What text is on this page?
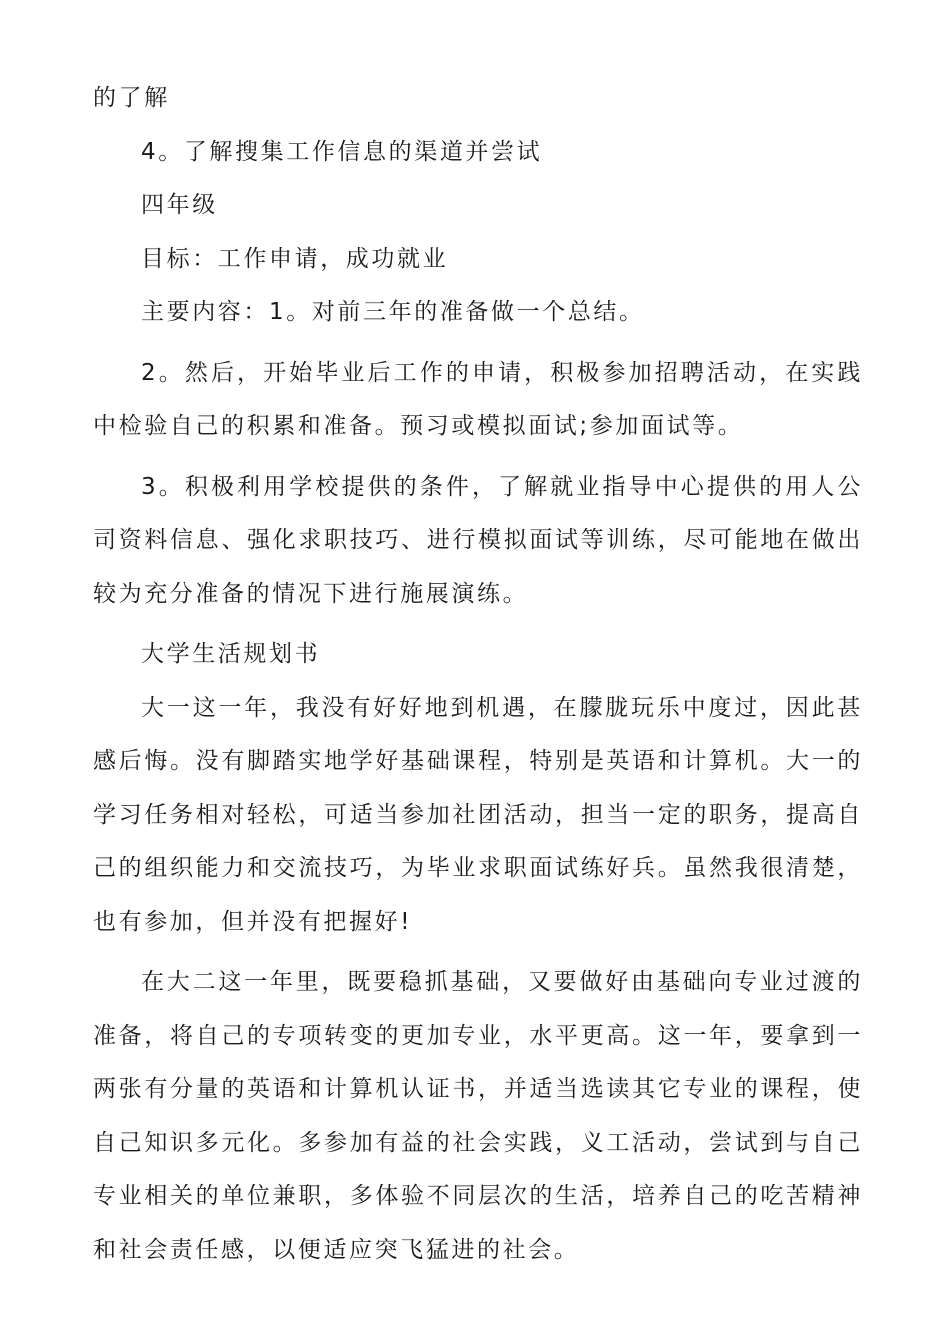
的了解

4。了解搜集工作信息的渠道并尝试

四年级

目标：工作申请，成功就业

主要内容：1。对前三年的准备做一个总结。

2。然后，开始毕业后工作的申请，积极参加招聘活动，在实践中检验自己的积累和准备。预习或模拟面试;参加面试等。

3。积极利用学校提供的条件，了解就业指导中心提供的用人公司资料信息、强化求职技巧、进行模拟面试等训练，尽可能地在做出较为充分准备的情况下进行施展演练。

大学生活规划书

大一这一年，我没有好好地到机遇，在朦胧玩乐中度过，因此甚感后悔。没有脚踏实地学好基础课程，特别是英语和计算机。大一的学习任务相对轻松，可适当参加社团活动，担当一定的职务，提高自己的组织能力和交流技巧，为毕业求职面试练好兵。虽然我很清楚，也有参加，但并没有把握好!

在大二这一年里，既要稳抓基础，又要做好由基础向专业过渡的准备，将自己的专项转变的更加专业，水平更高。这一年，要拿到一两张有分量的英语和计算机认证书，并适当选读其它专业的课程，使自己知识多元化。多参加有益的社会实践，义工活动，尝试到与自己专业相关的单位兼职，多体验不同层次的生活，培养自己的吃苦精神和社会责任感，以便适应突飞猛进的社会。
